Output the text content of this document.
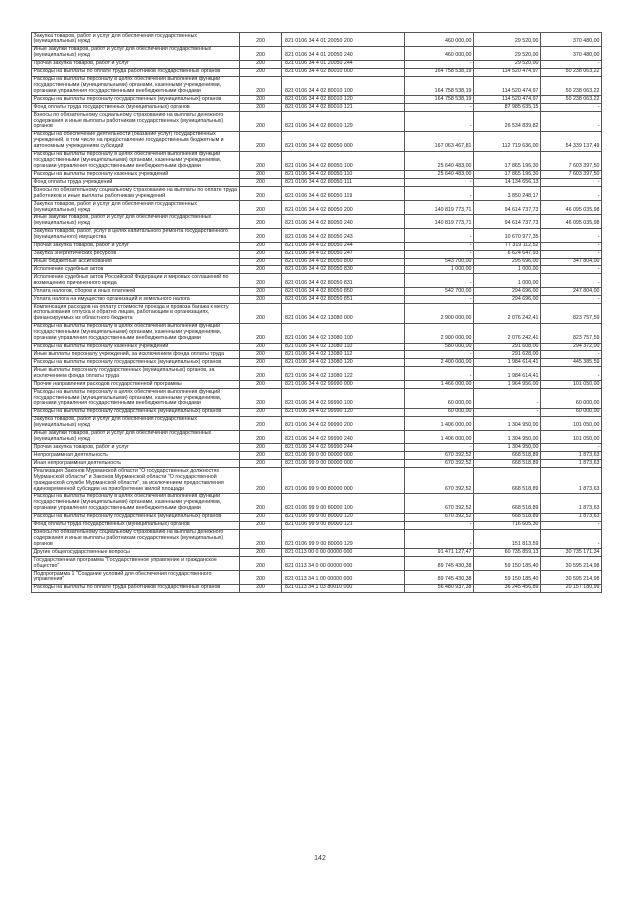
Закупка товаров, работ и услуг для обеспечения государственных (муниципальных) нужд	200	821 0106 34 4 01 20050 200	460 000,00	29 520,00	370 480,00
Иные закупки товаров, работ и услуг для обеспечения государственных (муниципальных) нужд	200	821 0106 34 4 01 20050 240	460 000,00	29 520,00	370 480,00
Прочая закупка товаров, работ и услуг	200	821 0106 34 4 01 20050 244	-	29 520,00	-
Расходы на выплаты по оплате труда работников государственных органов	200	821 0106 34 4 02 80010 000	164 758 538,19	114 520 474,97	50 238 063,22
Расходы на выплаты персоналу в целях обеспечения выполнения функций государственными (муниципальными) органами, казенными учреждениями, органами управления государственными внебюджетными фондами	200	821 0106 34 4 02 80010 100	164 758 538,19	114 520 474,97	50 238 063,22
Расходы на выплаты персоналу государственных (муниципальных) органов	200	821 0106 34 4 02 80010 120	164 758 538,19	114 520 474,97	50 238 063,22
Фонд оплаты труда государственных (муниципальных) органов	200	821 0106 34 4 02 80010 121	-	87 985 635,15	-
Взносы по обязательному социальному страхованию на выплаты денежного содержания и иные выплаты работникам государственных (муниципальных) органов	200	821 0106 34 4 02 80010 129	-	26 534 839,82	-
Расходы на обеспечение деятельности (оказание услуг) государственных учреждений, в том числе на предоставление государственным бюджетным и автономным учреждениям субсидий	200	821 0106 34 4 02 80050 000	167 063 467,81	112 719 636,00	54 339 137,49
Расходы на выплаты персоналу в целях обеспечения выполнения функций государственными (муниципальными) органами, казенными учреждениями, органами управления государственными внебюджетными фондами	200	821 0106 34 4 02 80050 100	25 640 483,00	17 865 196,30	7 603 397,50
Расходы на выплаты персоналу казенных учреждений	200	821 0106 34 4 02 80050 110	25 640 483,00	17 865 196,30	7 603 397,50
Фонд оплаты труда учреждений	200	821 0106 34 4 02 80050 111	-	14 134 656,13	-
Взносы по обязательному социальному страхованию на выплаты по оплате труда работников и иные выплаты работникам учреждений	200	821 0106 34 4 02 80050 119	-	3 850 248,17	-
Закупка товаров, работ и услуг для обеспечения государственных (муниципальных) нужд	200	821 0106 34 4 02 80050 200	140 819 773,71	94 614 737,73	46 095 035,98
Иные закупки товаров, работ и услуг для обеспечения государственных (муниципальных) нужд	200	821 0106 34 4 02 80050 240	140 819 773,71	94 614 737,73	46 095 035,98
Закупка товаров, работ, услуг в целях капитального ремонта государственного (муниципального) имущества	200	821 0106 34 4 02 80050 243	-	10 670 977,35	-
Прочая закупка товаров, работ и услуг	200	821 0106 34 4 02 80050 244	-	77 319 112,52	-
Закупка энергетических ресурсов	200	821 0106 34 4 02 80050 247	-	6 624 647,93	-
Иные бюджетные ассигнования	200	821 0106 34 4 02 80050 800	543 700,00	295 696,00	347 804,00
Исполнение судебных актов	200	821 0106 34 4 02 80050 830	1 000,00	1 000,00	-
Исполнение судебных актов Российской Федерации и мировых соглашений по возмещению причиненного вреда	200	821 0106 34 4 02 80050 831	-	1 000,00	-
Уплата налогов, сборов и иных платежей	200	821 0106 34 4 02 80050 850	542 700,00	294 696,00	247 804,00
Уплата налога на имущество организаций и земельного налога	200	821 0106 34 4 02 80050 851	-	294 696,00	-
Компенсация расходов на оплату стоимости проезда и провоза багажа к месту использования отпуска и обратно лицам, работающим в организациях, финансируемых из областного бюджета	200	821 0106 34 4 02 13080 000	2 900 000,00	2 076 242,41	823 757,59
Расходы на выплаты персоналу в целях обеспечения выполнения функций государственными (муниципальными) органами, казенными учреждениями, органами управления государственными внебюджетными фондами	200	821 0106 34 4 02 13080 100	2 900 000,00	2 076 242,41	823 757,59
Расходы на выплаты персоналу казенных учреждений	200	821 0106 34 4 02 13080 110	580 000,00	291 608,00	294 372,00
Иные выплаты персоналу учреждений, за исключением фонда оплаты труда	200	821 0106 34 4 02 13080 112	-	291 628,00	-
Расходы на выплаты персоналу государственных (муниципальных) органов	200	821 0106 34 4 02 13080 120	2 400 000,00	1 984 614,41	445 385,59
Иные выплаты персоналу государственных (муниципальных) органов, за исключением фонда оплаты труда	200	821 0106 34 4 02 13080 122	-	1 984 614,41	-
Прочие направления расходов государственной программы	200	821 0106 34 4 02 99990 000	1 466 000,00	1 964 956,00	101 050,00
Расходы на выплаты персоналу в целях обеспечения выполнения функций государственными (муниципальными) органами, казенными учреждениями, органами управления государственными внебюджетными фондами	200	821 0106 34 4 02 99990 100	60 000,00	-	60 000,00
Расходы на выплаты персоналу государственных (муниципальных) органов	200	821 0106 34 4 02 99990 120	60 000,00	-	60 000,00
Закупка товаров, работ и услуг для обеспечения государственных (муниципальных) нужд	200	821 0106 34 4 02 99990 200	1 406 000,00	1 304 950,00	101 050,00
Иные закупки товаров, работ и услуг для обеспечения государственных (муниципальных) нужд	200	821 0106 34 4 02 99990 240	1 406 000,00	1 304 950,00	101 050,00
Прочая закупка товаров, работ и услуг	200	821 0106 34 4 02 99990 244	-	1 304 950,00	-
Непрограммная деятельность	200	821 0106 99 0 00 00000 000	670 392,52	668 518,89	1 873,63
Иная непрограммная деятельность	200	821 0106 99 9 00 00000 000	670 392,52	668 518,89	1 873,63
Реализация Законов Мурманской области "О государственных должностях Мурманской области" и Законов Мурманской области "О государственной гражданской службе Мурманской области", за исключением предоставления единовременной субсидии на приобретение жилой площади	200	821 0106 99 9 00 80000 000	670 392,52	668 518,89	1 873,63
Расходы на выплаты персоналу в целях обеспечения выполнения функций государственными (муниципальными) органами, казенными учреждениями, органами управления государственными внебюджетными фондами	200	821 0106 99 9 00 80000 100	670 392,52	668 518,89	1 873,63
Расходы на выплаты персоналу государственных (муниципальных) органов	200	821 0106 99 9 00 80000 120	670 392,52	668 518,89	1 873,63
Фонд оплаты труда государственных (муниципальных) органов	200	821 0106 99 9 00 80000 121	-	716 605,30	-
Взносы по обязательному социальному страхованию на выплаты денежного содержания и иные выплаты работникам государственных (муниципальных) органов	200	821 0106 99 9 00 80000 129	-	151 813,59	-
Другие общегосударственные вопросы	200	821 0113 00 0 00 00000 000	91 471 127,47	60 735 859,13	30 735 171,34
Государственная программа "Государственное управление и гражданское общество"	200	821 0113 34 0 00 00000 000	89 745 430,38	59 150 185,40	30 595 214,98
Подпрограмма 1 "Создание условий для обеспечения государственного управления"	200	821 0113 34 1 00 00000 000	89 745 430,38	59 150 185,40	30 595 214,98
Расходы на выплаты по оплате труда работников государственных органов	200	821 0113 34 1 03 80010 000	56 480 937,38	36 245 456,89	20 157 180,99
142
